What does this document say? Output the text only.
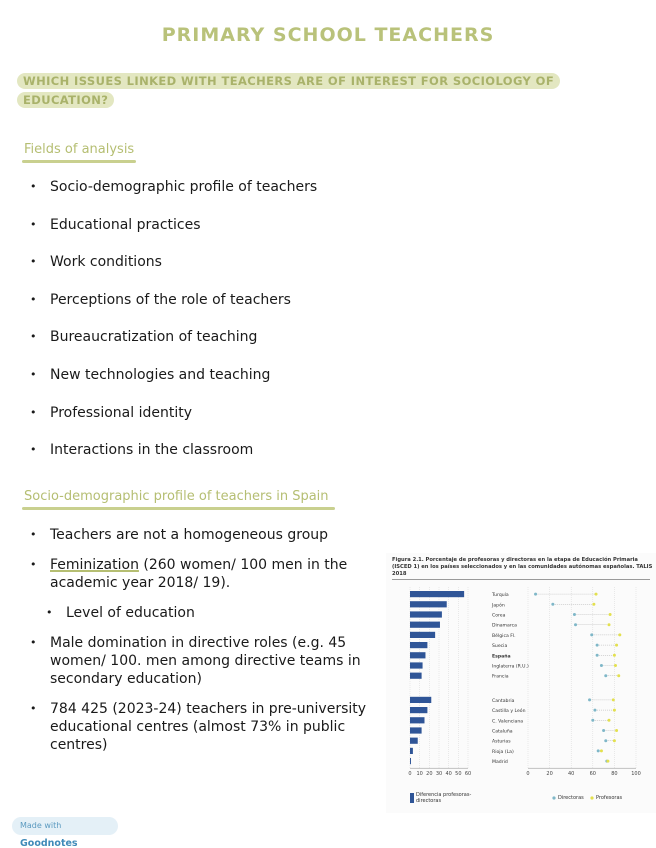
PRIMARY SCHOOL TEACHERS
WHICH ISSUES LINKED WITH TEACHERS ARE OF INTEREST FOR SOCIOLOGY OF EDUCATION?
Fields of analysis
• Socio-demographic profile of teachers
• Educational practices
• Work conditions
• Perceptions of the role of teachers
• Bureaucratization of teaching
• New technologies and teaching
• Professional identity
• Interactions in the classroom
Socio-demographic profile of teachers in Spain
• Teachers are not a homogeneous group
• Feminization (260 women/ 100 men in the academic year 2018/ 19).
• Level of education
• Male domination in directive roles (e.g. 45 women/ 100. men among directive teams in secondary education)
• 784 425 (2023-24) teachers in pre-university educational centres (almost 73% in public centres)
Figura 2.1. Porcentaje de profesoras y directoras en la etapa de Educación Primaria (ISCED 1) en los países seleccionados y en las comunidades autónomas españolas. TALIS 2018
0 10 20 30 40 50 60	0	20	40	60	80	100
Turquía
Japón
Corea
Dinamarca
Bélgica Fl.
Suecia
España
Inglaterra (R.U.)
Francia
Cantabria
Castilla y León
C. Valenciana
Cataluña
Asturias
Rioja (La)
Madrid
Diferencia profesoras-directoras	Directoras Profesoras
Made with Goodnotes
